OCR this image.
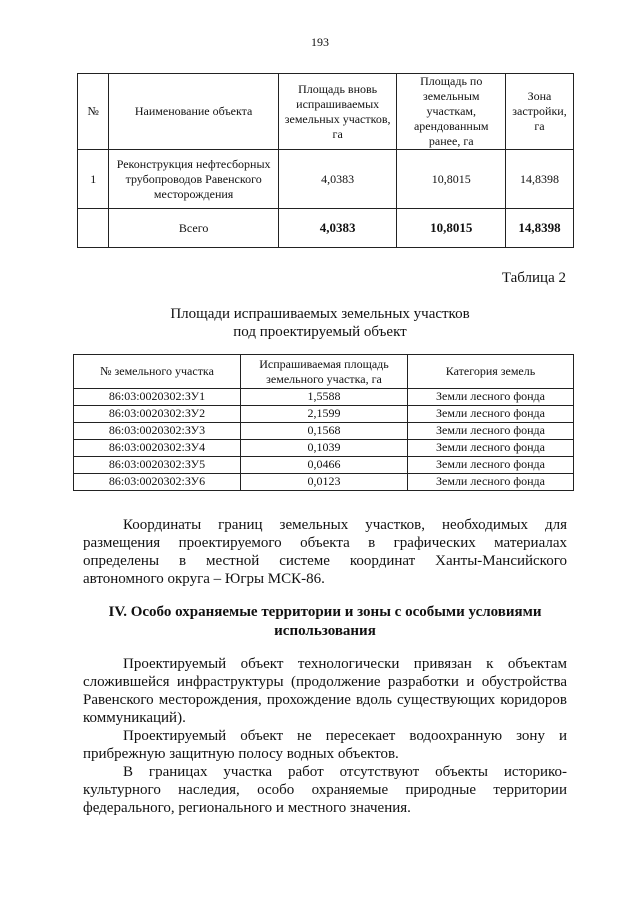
193
№	Наименование объекта	Площадь вновь испрашиваемых земельных участков, га	Площадь по земельным участкам, арендованным ранее, га	Зона застройки, га
1	Реконструкция нефтесборных трубопроводов Равенского месторождения	4,0383	10,8015	14,8398
	Всего	4,0383	10,8015	14,8398
Таблица 2
Площади испрашиваемых земельных участков
под проектируемый объект
№ земельного участка	Испрашиваемая площадь земельного участка, га	Категория земель
86:03:0020302:ЗУ1	1,5588	Земли лесного фонда
86:03:0020302:ЗУ2	2,1599	Земли лесного фонда
86:03:0020302:ЗУ3	0,1568	Земли лесного фонда
86:03:0020302:ЗУ4	0,1039	Земли лесного фонда
86:03:0020302:ЗУ5	0,0466	Земли лесного фонда
86:03:0020302:ЗУ6	0,0123	Земли лесного фонда
Координаты границ земельных участков, необходимых для размещения проектируемого объекта в графических материалах определены в местной системе координат Ханты-Мансийского автономного округа – Югры МСК-86.
IV. Особо охраняемые территории и зоны с особыми условиями использования
Проектируемый объект технологически привязан к объектам сложившейся инфраструктуры (продолжение разработки и обустройства Равенского месторождения, прохождение вдоль существующих коридоров коммуникаций).
Проектируемый объект не пересекает водоохранную зону и прибрежную защитную полосу водных объектов.
В границах участка работ отсутствуют объекты историко-культурного наследия, особо охраняемые природные территории федерального, регионального и местного значения.
